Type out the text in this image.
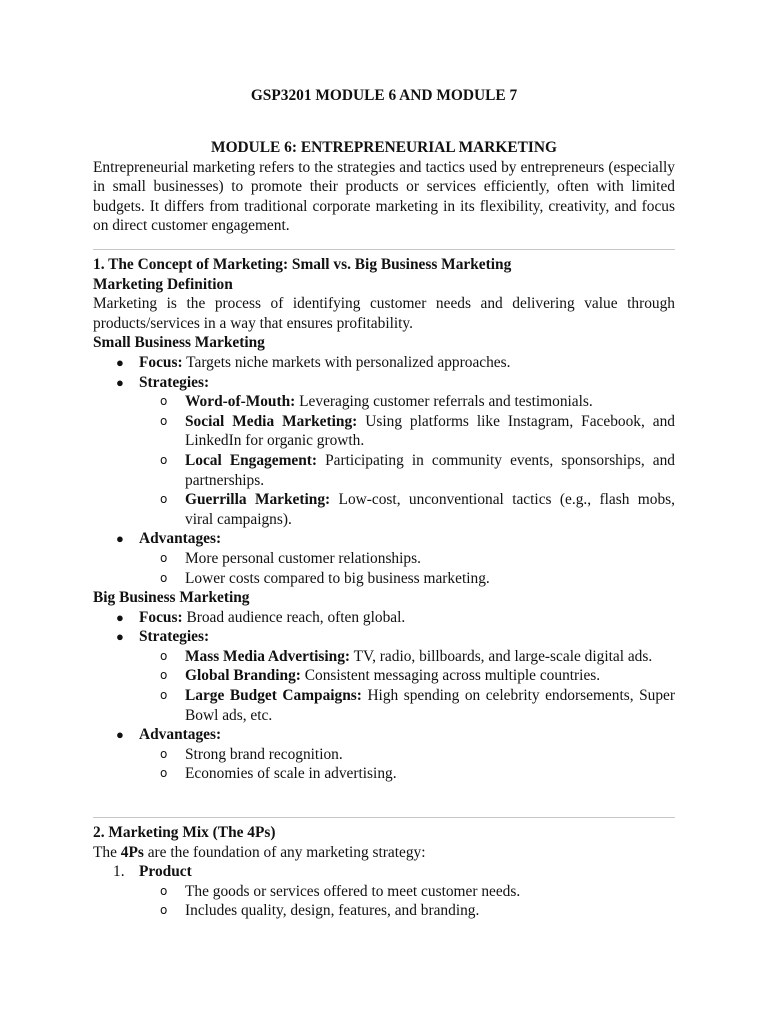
GSP3201 MODULE 6 AND MODULE 7
MODULE 6: ENTREPRENEURIAL MARKETING
Entrepreneurial marketing refers to the strategies and tactics used by entrepreneurs (especially in small businesses) to promote their products or services efficiently, often with limited budgets. It differs from traditional corporate marketing in its flexibility, creativity, and focus on direct customer engagement.
1. The Concept of Marketing: Small vs. Big Business Marketing
Marketing Definition
Marketing is the process of identifying customer needs and delivering value through products/services in a way that ensures profitability.
Small Business Marketing
● Focus: Targets niche markets with personalized approaches.
● Strategies:
o Word-of-Mouth: Leveraging customer referrals and testimonials.
o Social Media Marketing: Using platforms like Instagram, Facebook, and LinkedIn for organic growth.
o Local Engagement: Participating in community events, sponsorships, and partnerships.
o Guerrilla Marketing: Low-cost, unconventional tactics (e.g., flash mobs, viral campaigns).
● Advantages:
o More personal customer relationships.
o Lower costs compared to big business marketing.
Big Business Marketing
● Focus: Broad audience reach, often global.
● Strategies:
o Mass Media Advertising: TV, radio, billboards, and large-scale digital ads.
o Global Branding: Consistent messaging across multiple countries.
o Large Budget Campaigns: High spending on celebrity endorsements, Super Bowl ads, etc.
● Advantages:
o Strong brand recognition.
o Economies of scale in advertising.
2. Marketing Mix (The 4Ps)
The 4Ps are the foundation of any marketing strategy:
1. Product
o The goods or services offered to meet customer needs.
o Includes quality, design, features, and branding.
